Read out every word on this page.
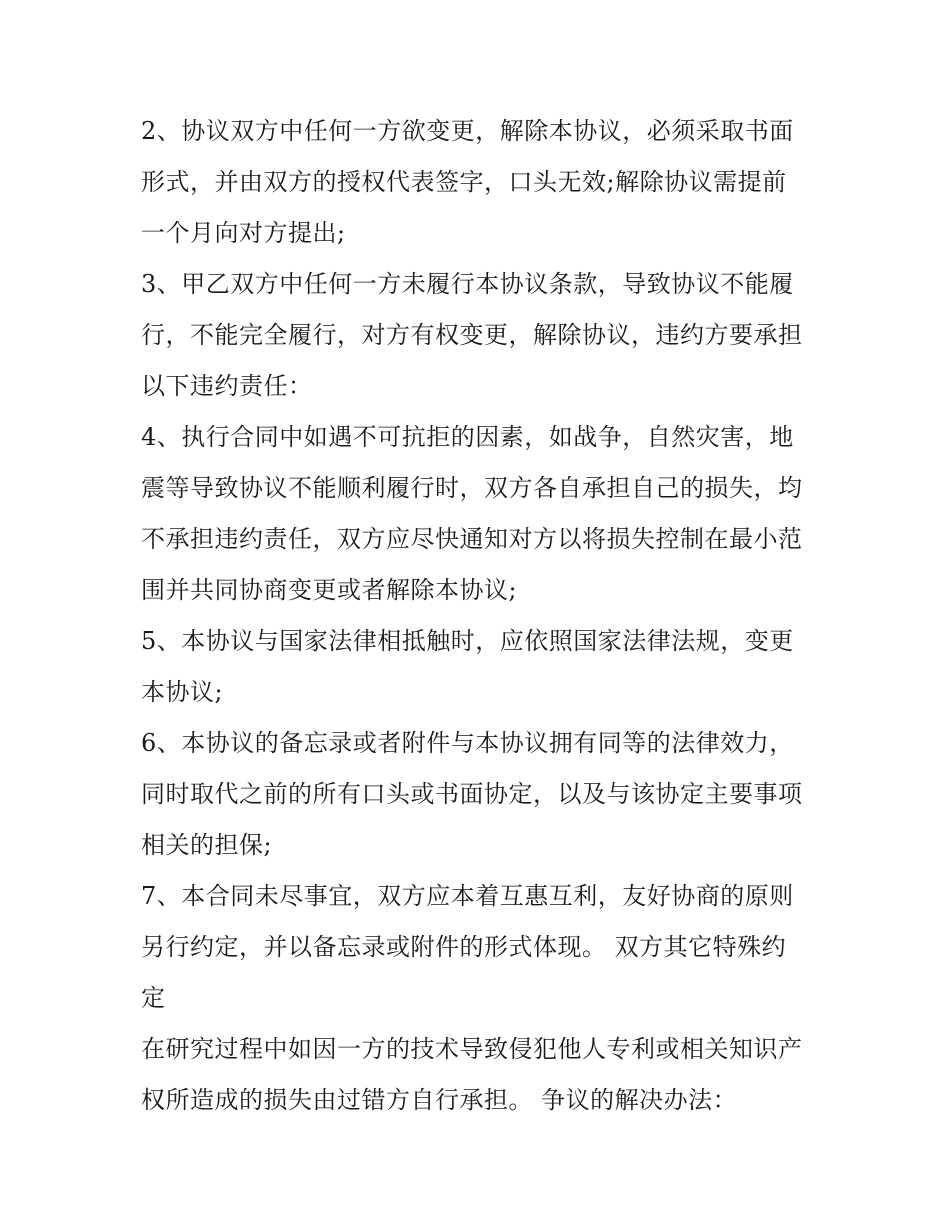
2、协议双方中任何一方欲变更，解除本协议，必须采取书面
形式，并由双方的授权代表签字，口头无效;解除协议需提前
一个月向对方提出;
3、甲乙双方中任何一方未履行本协议条款，导致协议不能履
行，不能完全履行，对方有权变更，解除协议，违约方要承担
以下违约责任：
4、执行合同中如遇不可抗拒的因素，如战争，自然灾害，地
震等导致协议不能顺利履行时，双方各自承担自己的损失，均
不承担违约责任，双方应尽快通知对方以将损失控制在最小范
围并共同协商变更或者解除本协议;
5、本协议与国家法律相抵触时，应依照国家法律法规，变更
本协议;
6、本协议的备忘录或者附件与本协议拥有同等的法律效力，
同时取代之前的所有口头或书面协定，以及与该协定主要事项
相关的担保;
7、本合同未尽事宜，双方应本着互惠互利，友好协商的原则
另行约定，并以备忘录或附件的形式体现。 双方其它特殊约
定
在研究过程中如因一方的技术导致侵犯他人专利或相关知识产
权所造成的损失由过错方自行承担。 争议的解决办法：
